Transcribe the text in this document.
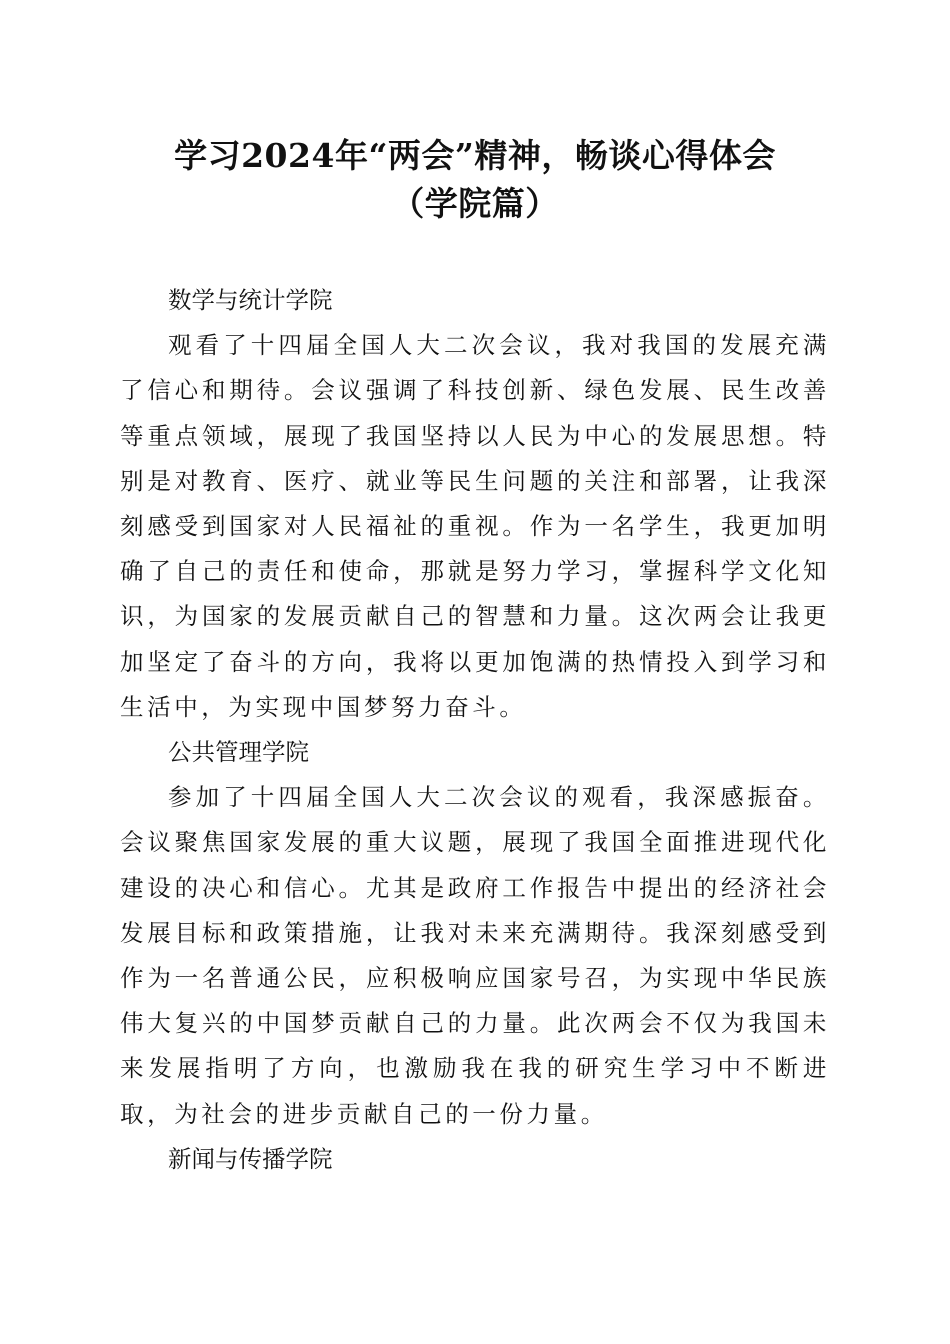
学习2024年“两会”精神，畅谈心得体会
（学院篇）

数学与统计学院

观看了十四届全国人大二次会议，我对我国的发展充满了信心和期待。会议强调了科技创新、绿色发展、民生改善等重点领域，展现了我国坚持以人民为中心的发展思想。特别是对教育、医疗、就业等民生问题的关注和部署，让我深刻感受到国家对人民福祉的重视。作为一名学生，我更加明确了自己的责任和使命，那就是努力学习，掌握科学文化知识，为国家的发展贡献自己的智慧和力量。这次两会让我更加坚定了奋斗的方向，我将以更加饱满的热情投入到学习和生活中，为实现中国梦努力奋斗。

公共管理学院

参加了十四届全国人大二次会议的观看，我深感振奋。会议聚焦国家发展的重大议题，展现了我国全面推进现代化建设的决心和信心。尤其是政府工作报告中提出的经济社会发展目标和政策措施，让我对未来充满期待。我深刻感受到作为一名普通公民，应积极响应国家号召，为实现中华民族伟大复兴的中国梦贡献自己的力量。此次两会不仅为我国未来发展指明了方向，也激励我在我的研究生学习中不断进取，为社会的进步贡献自己的一份力量。

新闻与传播学院
